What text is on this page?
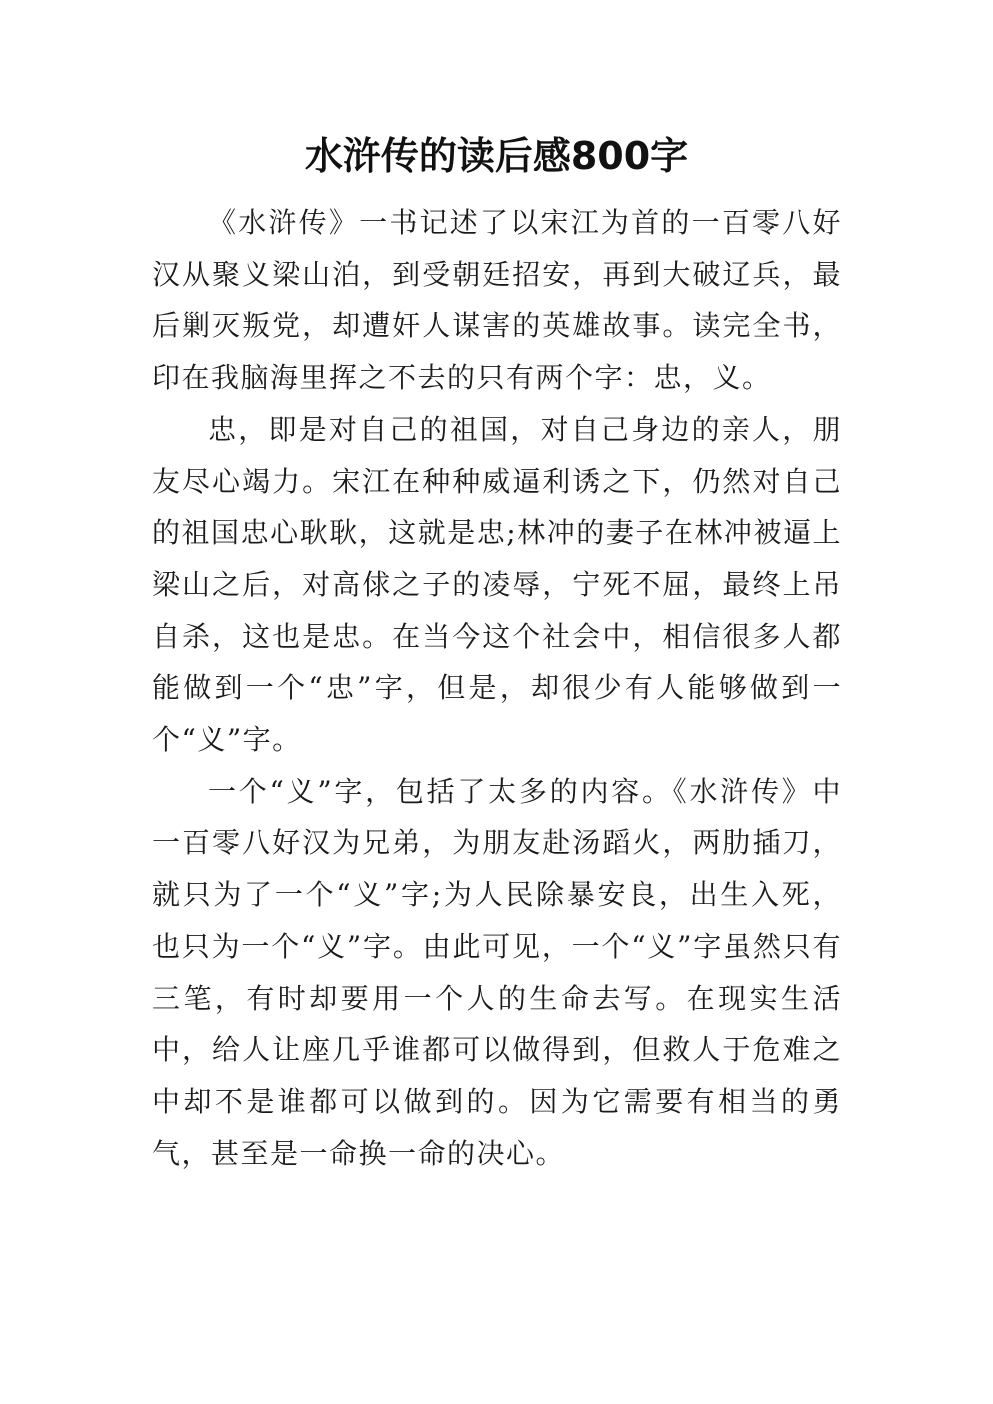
水浒传的读后感800字

《水浒传》一书记述了以宋江为首的一百零八好汉从聚义梁山泊，到受朝廷招安，再到大破辽兵，最后剿灭叛党，却遭奸人谋害的英雄故事。读完全书，印在我脑海里挥之不去的只有两个字：忠，义。

忠，即是对自己的祖国，对自己身边的亲人，朋友尽心竭力。宋江在种种威逼利诱之下，仍然对自己的祖国忠心耿耿，这就是忠;林冲的妻子在林冲被逼上梁山之后，对高俅之子的凌辱，宁死不屈，最终上吊自杀，这也是忠。在当今这个社会中，相信很多人都能做到一个“忠”字，但是，却很少有人能够做到一个“义”字。

一个“义”字，包括了太多的内容。《水浒传》中一百零八好汉为兄弟，为朋友赴汤蹈火，两肋插刀，就只为了一个“义”字;为人民除暴安良，出生入死，也只为一个“义”字。由此可见，一个“义”字虽然只有三笔，有时却要用一个人的生命去写。在现实生活中，给人让座几乎谁都可以做得到，但救人于危难之中却不是谁都可以做到的。因为它需要有相当的勇气，甚至是一命换一命的决心。
